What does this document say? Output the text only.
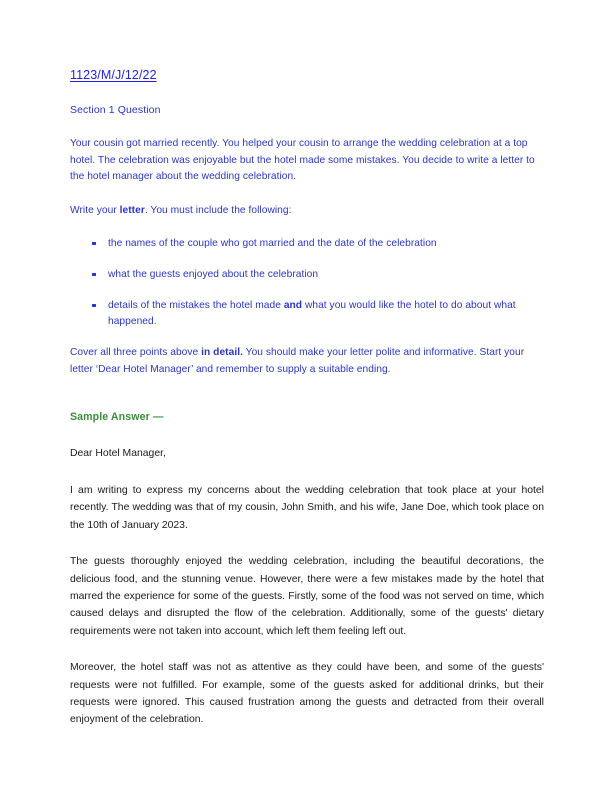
1123/M/J/12/22
Section 1 Question

Your cousin got married recently. You helped your cousin to arrange the wedding celebration at a top hotel. The celebration was enjoyable but the hotel made some mistakes. You decide to write a letter to the hotel manager about the wedding celebration.

Write your letter. You must include the following:

the names of the couple who got married and the date of the celebration
what the guests enjoyed about the celebration
details of the mistakes the hotel made and what you would like the hotel to do about what happened.

Cover all three points above in detail. You should make your letter polite and informative. Start your letter ‘Dear Hotel Manager’ and remember to supply a suitable ending.

Sample Answer —

Dear Hotel Manager,

I am writing to express my concerns about the wedding celebration that took place at your hotel recently. The wedding was that of my cousin, John Smith, and his wife, Jane Doe, which took place on the 10th of January 2023.

The guests thoroughly enjoyed the wedding celebration, including the beautiful decorations, the delicious food, and the stunning venue. However, there were a few mistakes made by the hotel that marred the experience for some of the guests. Firstly, some of the food was not served on time, which caused delays and disrupted the flow of the celebration. Additionally, some of the guests' dietary requirements were not taken into account, which left them feeling left out.

Moreover, the hotel staff was not as attentive as they could have been, and some of the guests' requests were not fulfilled. For example, some of the guests asked for additional drinks, but their requests were ignored. This caused frustration among the guests and detracted from their overall enjoyment of the celebration.
